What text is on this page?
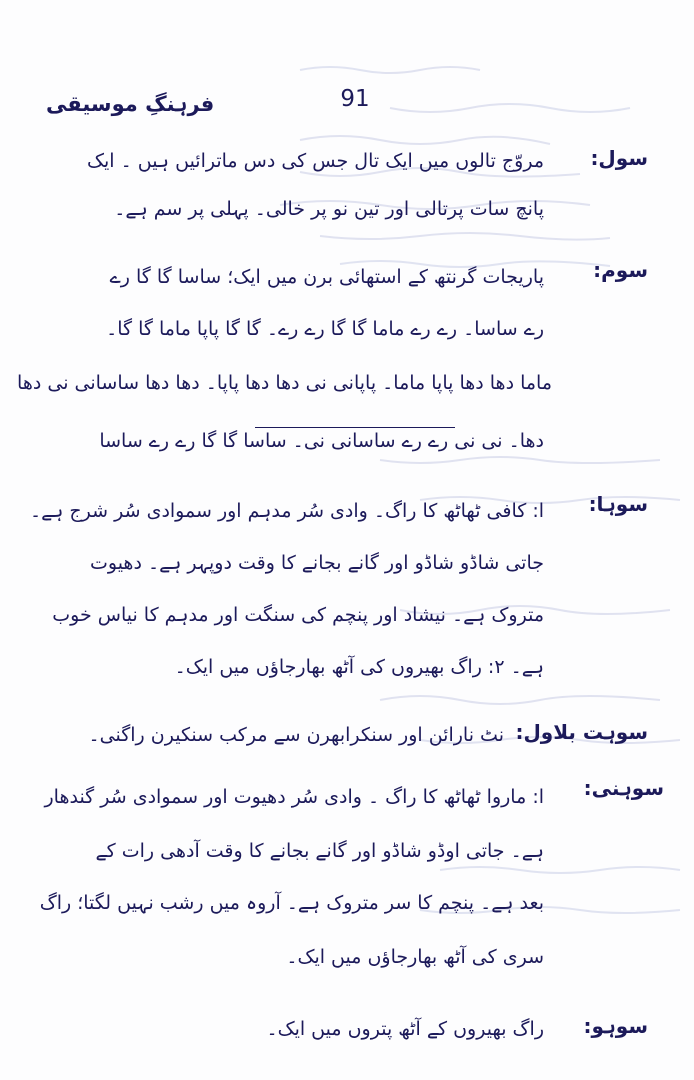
فرہنگِ موسیقی	91
سول:
مروّج تالوں میں ایک تال جس کی دس ماترائیں ہیں ۔ ایک
پانچ سات پرتالی اور تین نو پر خالی۔ پہلی پر سم ہے۔
سوم:
پاریجات گرنتھ کے استھائی برن میں ایک؛ ساسا گا گا رے
رے ساسا۔ رے رے ماما گا گا رے رے۔ گا گا پاپا ماما گا گا۔
ماما دھا دھا پاپا ماما۔ پاپانی نی دھا دھا پاپا۔ دھا دھا ساسانی نی دھا
دھا۔ نی نی رے رے ساسانی نی۔ ساسا گا گا رے رے ساسا
سوہا:
ا: کافی ٹھاٹھ کا راگ۔ وادی سُر مدہم اور سموادی سُر شرج ہے۔
جاتی شاڈو شاڈو اور گانے بجانے کا وقت دوپہر ہے۔ دھیوت
متروک ہے۔ نیشاد اور پنچم کی سنگت اور مدہم کا نیاس خوب
ہے۔ ۲: راگ بھیروں کی آٹھ بھارجاؤں میں ایک۔
سوہت بلاول:
نٹ نارائن اور سنکرابھرن سے مرکب سنکیرن راگنی۔
سوہنی:
ا: ماروا ٹھاٹھ کا راگ ۔ وادی سُر دھیوت اور سموادی سُر گندھار
ہے۔ جاتی اوڈو شاڈو اور گانے بجانے کا وقت آدھی رات کے
بعد ہے۔ پنچم کا سر متروک ہے۔ آروہ میں رشب نہیں لگتا؛ راگ
سری کی آٹھ بھارجاؤں میں ایک۔
سوہو:
راگ بھیروں کے آٹھ پتروں میں ایک۔
